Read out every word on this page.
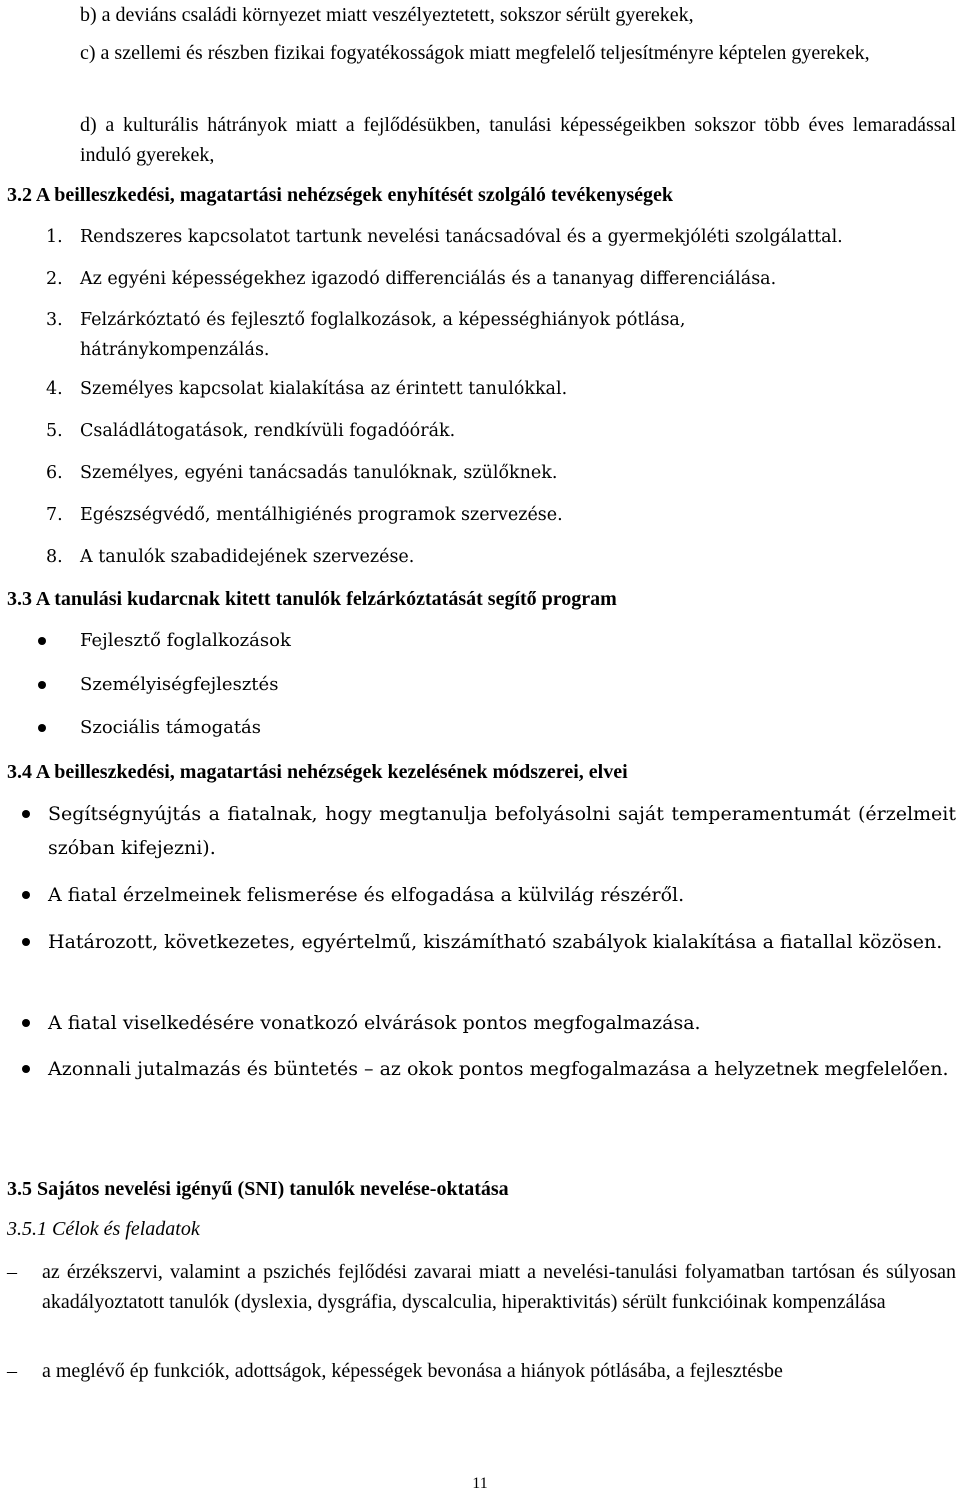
b) a deviáns családi környezet miatt veszélyeztetett, sokszor sérült gyerekek,

c) a szellemi és részben fizikai fogyatékosságok miatt megfelelő teljesítményre képtelen gyerekek,

d) a kulturális hátrányok miatt a fejlődésükben, tanulási képességeikben sokszor több éves lemaradással induló gyerekek,

3.2 A beilleszkedési, magatartási nehézségek enyhítését szolgáló tevékenységek
1. Rendszeres kapcsolatot tartunk nevelési tanácsadóval és a gyermekjóléti szolgálattal.
2. Az egyéni képességekhez igazodó differenciálás és a tananyag differenciálása.
3. Felzárkóztató és fejlesztő foglalkozások, a képességhiányok pótlása, hátránykompenzálás.
4. Személyes kapcsolat kialakítása az érintett tanulókkal.
5. Családlátogatások, rendkívüli fogadóórák.
6. Személyes, egyéni tanácsadás tanulóknak, szülőknek.
7. Egészségvédő, mentálhigiénés programok szervezése.
8. A tanulók szabadidejének szervezése.
3.3 A tanulási kudarcnak kitett tanulók felzárkóztatását segítő program
Fejlesztő foglalkozások
Személyiségfejlesztés
Szociális támogatás
3.4 A beilleszkedési, magatartási nehézségek kezelésének módszerei, elvei
Segítségnyújtás a fiatalnak, hogy megtanulja befolyásolni saját temperamentumát (érzelmeit szóban kifejezni).
A fiatal érzelmeinek felismerése és elfogadása a külvilág részéről.
Határozott, következetes, egyértelmű, kiszámítható szabályok kialakítása a fiatallal közösen.
A fiatal viselkedésére vonatkozó elvárások pontos megfogalmazása.
Azonnali jutalmazás és büntetés – az okok pontos megfogalmazása a helyzetnek megfelelően.
3.5 Sajátos nevelési igényű (SNI) tanulók nevelése-oktatása
3.5.1 Célok és feladatok
– az érzékszervi, valamint a pszichés fejlődési zavarai miatt a nevelési-tanulási folyamatban tartósan és súlyosan akadályoztatott tanulók (dyslexia, dysgráfia, dyscalculia, hiperaktivitás) sérült funkcióinak kompenzálása
– a meglévő ép funkciók, adottságok, képességek bevonása a hiányok pótlásába, a fejlesztésbe
11
